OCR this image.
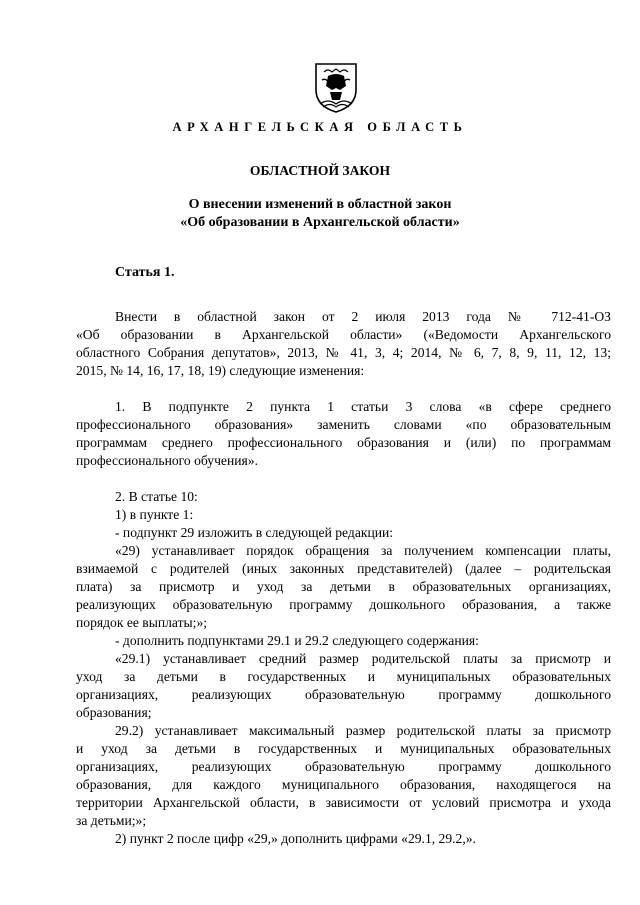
АРХАНГЕЛЬСКАЯ ОБЛАСТЬ
ОБЛАСТНОЙ ЗАКОН
О внесении изменений в областной закон
«Об образовании в Архангельской области»
Статья 1.
Внести в областной закон от 2 июля 2013 года № 712-41-ОЗ
«Об образовании в Архангельской области» («Ведомости Архангельского
областного Собрания депутатов», 2013, № 41, 3, 4; 2014, № 6, 7, 8, 9, 11, 12, 13;
2015, № 14, 16, 17, 18, 19) следующие изменения:
1. В подпункте 2 пункта 1 статьи 3 слова «в сфере среднего
профессионального образования» заменить словами «по образовательным
программам среднего профессионального образования и (или) по программам
профессионального обучения».
2. В статье 10:
1) в пункте 1:
- подпункт 29 изложить в следующей редакции:
«29) устанавливает порядок обращения за получением компенсации платы,
взимаемой с родителей (иных законных представителей) (далее – родительская
плата) за присмотр и уход за детьми в образовательных организациях,
реализующих образовательную программу дошкольного образования, а также
порядок ее выплаты;»;
- дополнить подпунктами 29.1 и 29.2 следующего содержания:
«29.1) устанавливает средний размер родительской платы за присмотр и
уход за детьми в государственных и муниципальных образовательных
организациях, реализующих образовательную программу дошкольного
образования;
29.2) устанавливает максимальный размер родительской платы за присмотр
и уход за детьми в государственных и муниципальных образовательных
организациях, реализующих образовательную программу дошкольного
образования, для каждого муниципального образования, находящегося на
территории Архангельской области, в зависимости от условий присмотра и ухода
за детьми;»;
2) пункт 2 после цифр «29,» дополнить цифрами «29.1, 29.2,».
